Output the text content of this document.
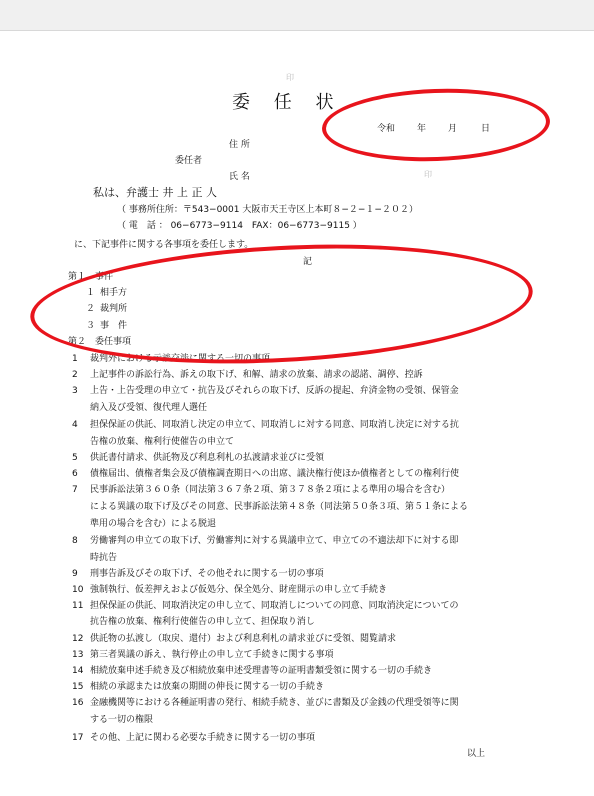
印
委 任 状
令和 年 月	日
住 所
委任者
氏 名	印
私は、弁護士 井 上 正 人
（ 事務所住所：〒543−0001 大阪市天王寺区上本町８−２−１−２０２）
（ 電　話 ： 06−6773−9114　FAX：06−6773−9115 ）
に、下記事件に関する各事項を委任します。
記
第１　事件
１ 相手方
２ 裁判所
３ 事　件
第２　委任事項
1 裁判外における示談交渉に関する一切の事項
2 上記事件の訴訟行為、訴えの取下げ、和解、請求の放棄、請求の認諾、調停、控訴
3 上告・上告受理の申立て・抗告及びそれらの取下げ、反訴の提起、弁済金物の受領、保管金
納入及び受領、復代理人選任
4 担保保証の供託、同取消し決定の申立て、同取消しに対する同意、同取消し決定に対する抗
告権の放棄、権利行使催告の申立て
5 供託書付請求、供託物及び利息利札の払渡請求並びに受領
6 債権届出、債権者集会及び債権調査期日への出席、議決権行使ほか債権者としての権利行使
7 民事訴訟法第３６０条（同法第３６７条２項、第３７８条２項による準用の場合を含む）
による異議の取下げ及びその同意、民事訴訟法第４８条（同法第５０条３項、第５１条による
準用の場合を含む）による脱退
8 労働審判の申立ての取下げ、労働審判に対する異議申立て、申立ての不適法却下に対する即
時抗告
9 刑事告訴及びその取下げ、その他それに関する一切の事項
10 強制執行、仮差押えおよび仮処分、保全処分、財産開示の申し立て手続き
11 担保保証の供託、同取消決定の申し立て、同取消しについての同意、同取消決定についての
抗告権の放棄、権利行使催告の申し立て、担保取り消し
12 供託物の払渡し（取戻、還付）および利息利札の請求並びに受領、閲覧請求
13 第三者異議の訴え、執行停止の申し立て手続きに関する事項
14 相続放棄申述手続き及び相続放棄申述受理書等の証明書類受領に関する一切の手続き
15 相続の承認または放棄の期間の伸長に関する一切の手続き
16 金融機関等における各種証明書の発行、相続手続き、並びに書類及び金銭の代理受領等に関
する一切の権限
17 その他、上記に関わる必要な手続きに関する一切の事項
以上
